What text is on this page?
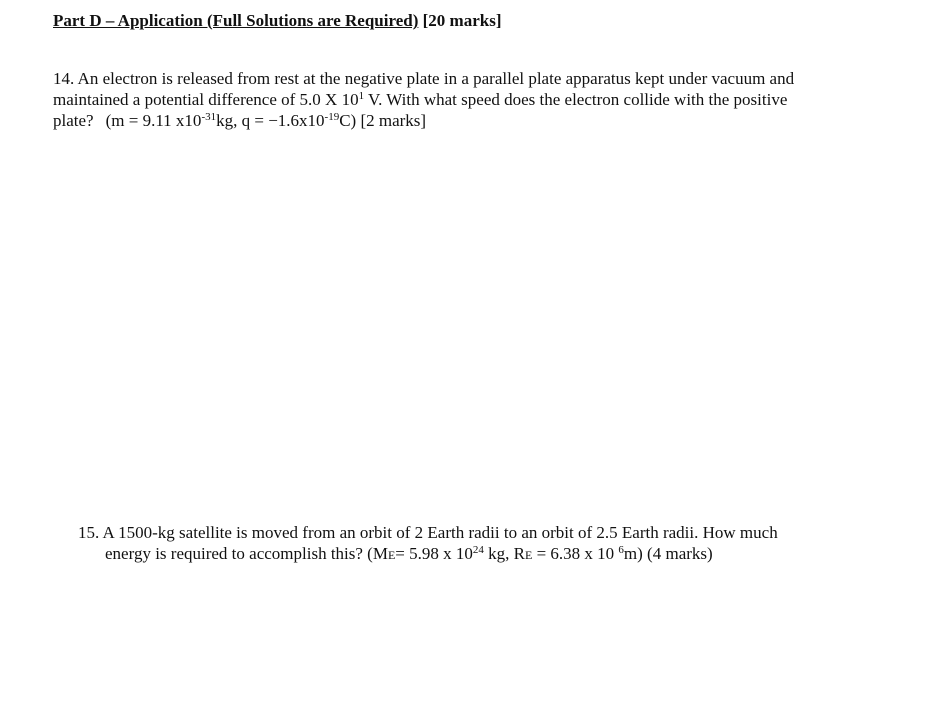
Part D – Application (Full Solutions are Required) [20 marks]
14. An electron is released from rest at the negative plate in a parallel plate apparatus kept under vacuum and
maintained a potential difference of 5.0 X $10^1$ V. With what speed does the electron collide with the positive
plate? (m = 9.11 $x10^{-31}kg$, $q = -1.6x10^{-19}C$) [2 marks]
15. A 1500-kg satellite is moved from an orbit of 2 Earth radii to an orbit of 2.5 Earth radii. How much
energy is required to accomplish this? (ME= 5.98 x $10^{24}$ kg, RE = 6.38 x 10 $^6$m) (4 marks)
